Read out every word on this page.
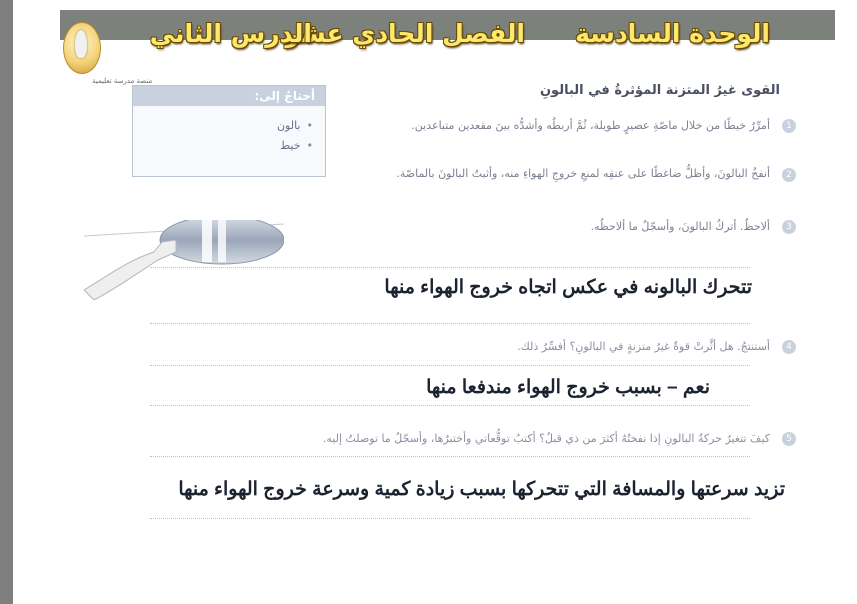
الوحدة السادسة
الفصل الحادي عشر
الدرس الثاني
منصة مدرسة تعليمية
القوى غيرُ المتزنة المؤثرةُ في البالونِ
أحتاجُ إلى:
•بالون
•خيط
1
أمرِّرُ خيطًا من خلال ماصّةِ عصيرٍ طويلة، ثُمَّ أربطُه وأشدُّه بينَ مقعدين متباعدين.
2
أنفخُ البالونَ، وأظلُّ ضاغطًا على عنقِه لمنعِ خروجِ الهواءِ منه، وأثبتُ البالونَ بالماصّة.
3
ألاحظُ. أتركُ البالونَ، وأسجّلُ ما ألاحظُه.
تتحرك البالونه في عكس اتجاه خروج الهواء منها
4
أستنتجُ. هل أثَّرتْ قوةٌ غيرُ متزنةٍ في البالونِ؟ أفسِّرُ ذلك.
نعم – بسبب خروج الهواء مندفعا منها
5
كيفَ تتغيرُ حركةُ البالونِ إذا نفختُهُ أكثرَ من ذي قبلُ؟ أكتبُ توقُّعاتي وأختبرُها، وأسجّلُ ما توصلتُ إليه.
تزيد سرعتها والمسافة التي تتحركها بسبب زيادة كمية وسرعة خروج الهواء منها
